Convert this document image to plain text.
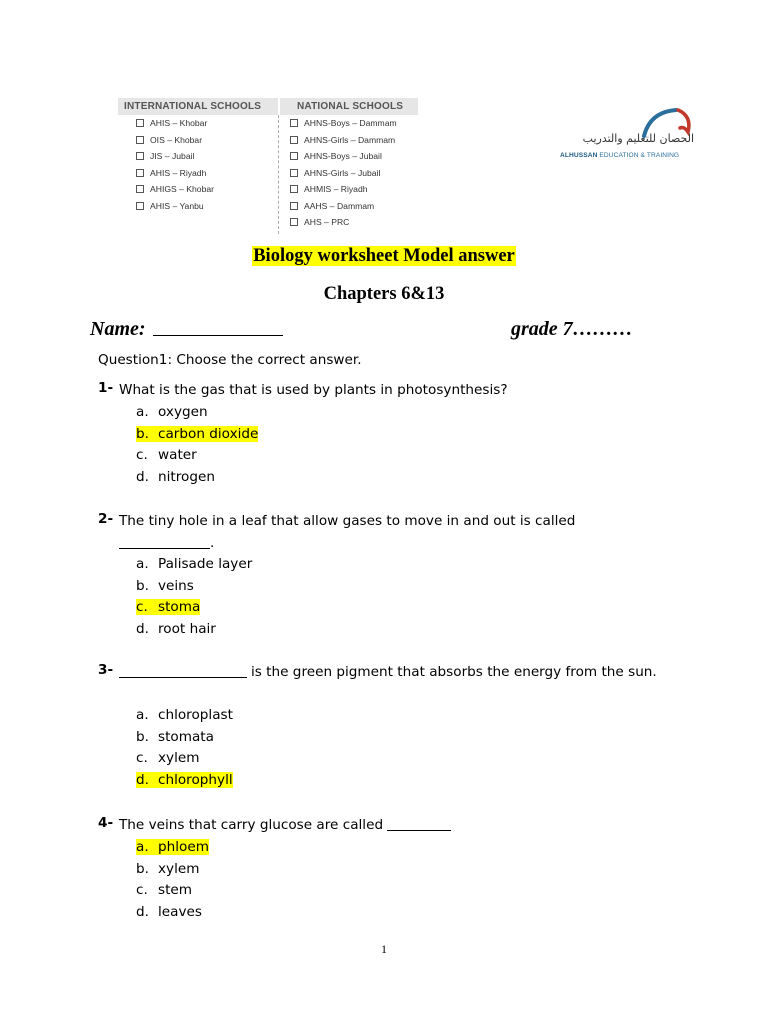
INTERNATIONAL SCHOOLS
AHIS – Khobar
OIS – Khobar
JIS – Jubail
AHIS – Riyadh
AHIGS – Khobar
AHIS – Yanbu
NATIONAL SCHOOLS
AHNS-Boys – Dammam
AHNS-Girls – Dammam
AHNS-Boys – Jubail
AHNS-Girls – Jubail
AHMIS – Riyadh
AAHS – Dammam
AHS – PRC
الحصان للتعليم والتدريب
ALHUSSAN EDUCATION & TRAINING
Biology worksheet Model answer
Chapters 6&13
Name:	grade 7………
Question1: Choose the correct answer.
1- What is the gas that is used by plants in photosynthesis?
a. oxygen
b. carbon dioxide
c. water
d. nitrogen
2- The tiny hole in a leaf that allow gases to move in and out is called
.
a. Palisade layer
b. veins
c. stoma
d. root hair
3-	is the green pigment that absorbs the energy from the sun.
a. chloroplast
b. stomata
c. xylem
d. chlorophyll
4- The veins that carry glucose are called
a. phloem
b. xylem
c. stem
d. leaves
1
